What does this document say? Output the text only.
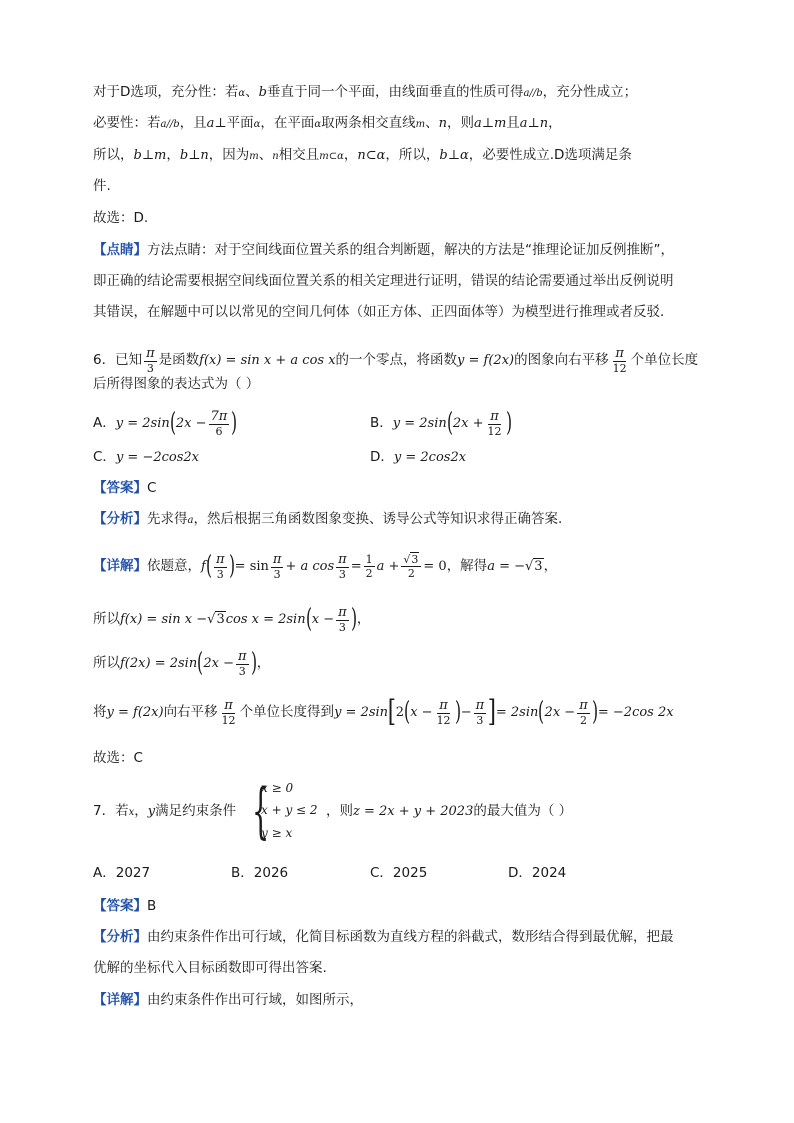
对于D选项，充分性：若α、b垂直于同一个平面，由线面垂直的性质可得a//b，充分性成立；
必要性：若a//b，且a⊥平面α，在平面α取两条相交直线m、n，则a⊥m且a⊥n，
所以，b⊥m，b⊥n，因为m、n相交且m⊂α，n⊂α，所以，b⊥α，必要性成立.D选项满足条
件.
故选：D.
【点睛】方法点睛：对于空间线面位置关系的组合判断题，解决的方法是“推理论证加反例推断”，
即正确的结论需要根据空间线面位置关系的相关定理进行证明，错误的结论需要通过举出反例说明
其错误，在解题中可以以常见的空间几何体（如正方体、正四面体等）为模型进行推理或者反驳．
6．已知 $\frac{\pi}{3}$ 是函数f(x) = sin x + a cos x的一个零点，将函数y = f(2x)的图象向右平移 $\frac{\pi}{12}$ 个单位长度
后所得图象的表达式为（ ）
A．$y = 2\sin(2x - \frac{7\pi}{6}$ )	B．$y = 2\sin(2x + \frac{\pi}{12}$ )
C．y = −2cos2x	D．y = 2cos2x
【答案】C
【分析】先求得a，然后根据三角函数图象变换、诱导公式等知识求得正确答案.
【详解】依题意，$f( \frac{\pi}{3}$ )= $\sin \frac{\pi}{3} + a$ $\cos \frac{\pi}{3} = \frac{1}{2}$ $a + \frac{√3}{2} = 0$，解得a = −√3，
所以f(x) = sin x −√3cos $x = 2\sin(x - \frac{\pi}{3}$ )，
所以$f(2x) = 2\sin(2x - \frac{\pi}{3}$ )，
将y = f(2x)向右平移 $\frac{\pi}{12}$ 个单位长度得到$y = 2\sin[2(x - \frac{\pi}{12}$ )− $\frac{\pi}{3}$ ]= $2\sin(2x - \frac{\pi}{2}$ )= −2cos 2x
故选：C
7．若x，y满足约束条件 {
x ≥ 0
x + y ≤ 2
y ≥ x
，则z = 2x + y + 2023的最大值为（ ）
A．2027	B．2026	C．2025	D．2024
【答案】B
【分析】由约束条件作出可行域，化简目标函数为直线方程的斜截式，数形结合得到最优解，把最
优解的坐标代入目标函数即可得出答案.
【详解】由约束条件作出可行域，如图所示，
